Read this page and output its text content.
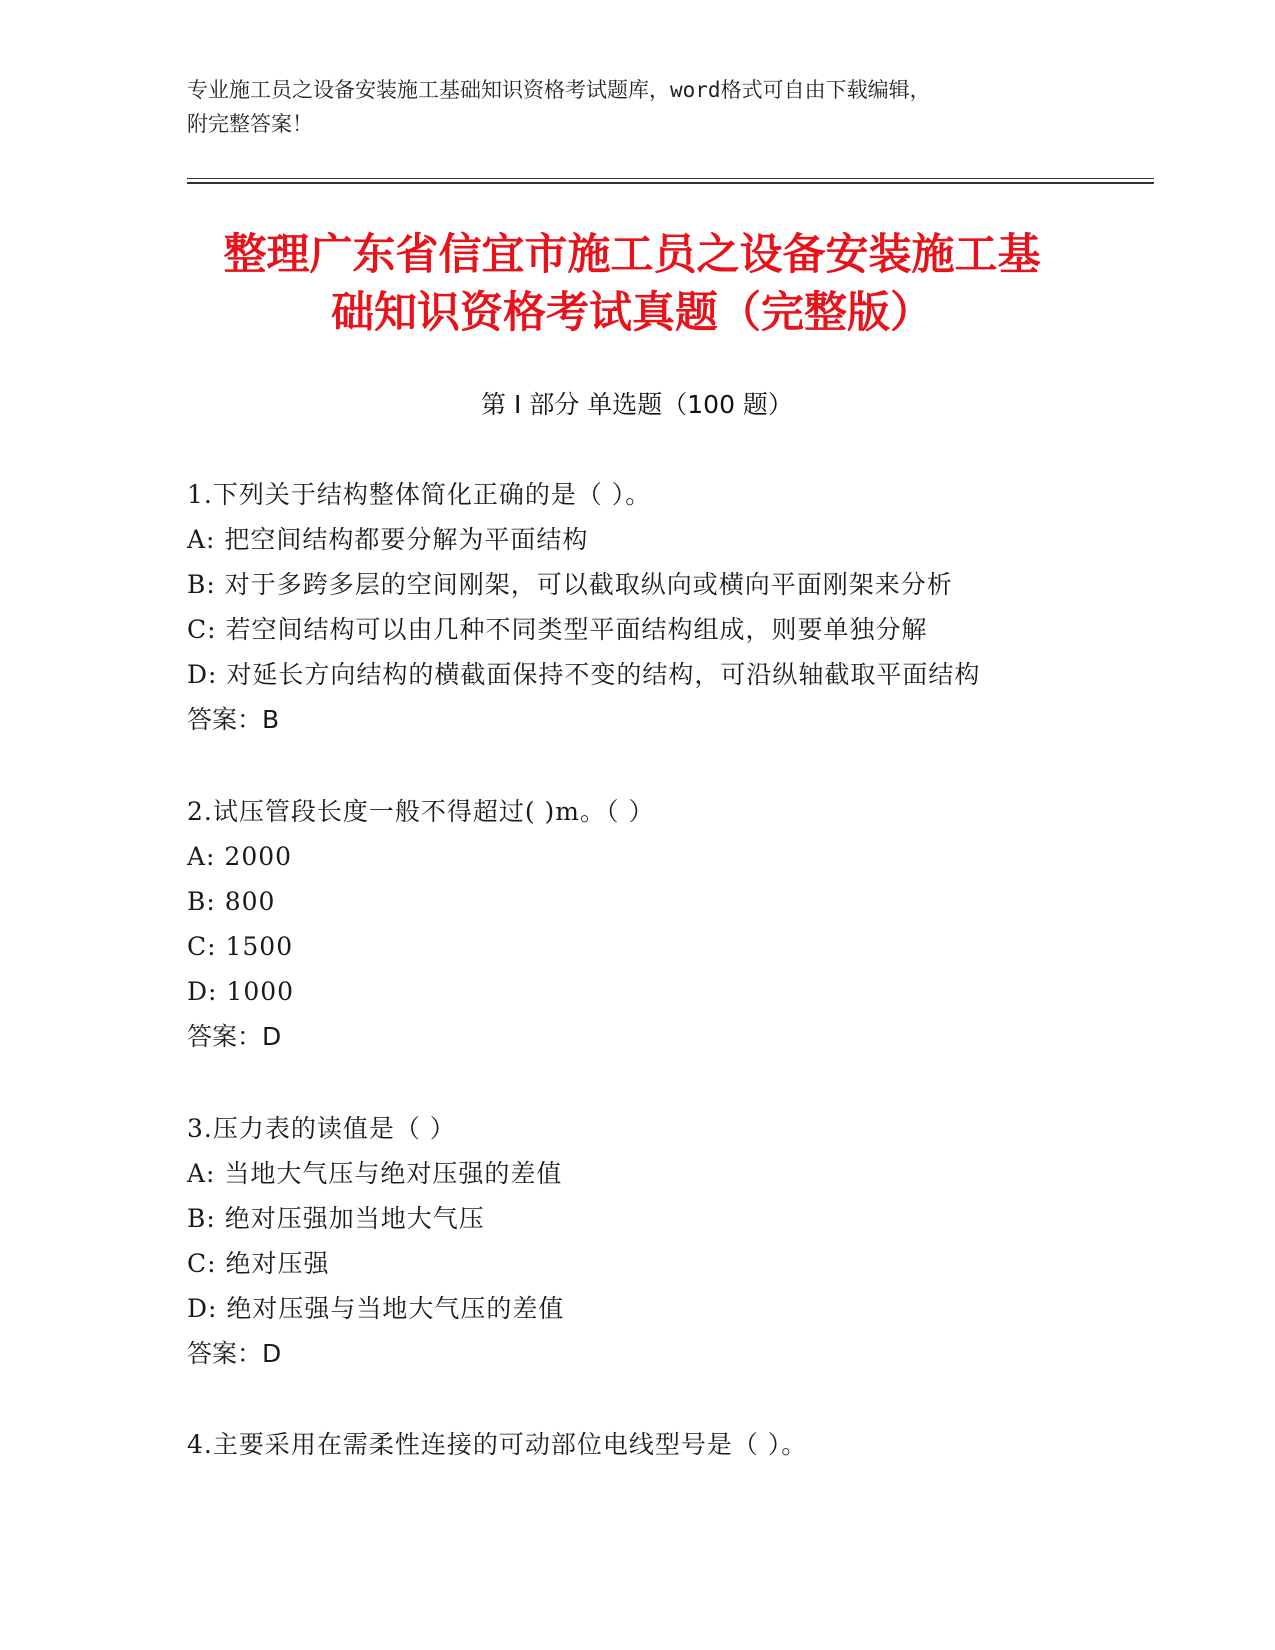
专业施工员之设备安装施工基础知识资格考试题库，word格式可自由下载编辑，
附完整答案！
整理广东省信宜市施工员之设备安装施工基
础知识资格考试真题（完整版）
第 I 部分 单选题（100 题）
1.下列关于结构整体简化正确的是（ ）。
A: 把空间结构都要分解为平面结构
B: 对于多跨多层的空间刚架，可以截取纵向或横向平面刚架来分析
C: 若空间结构可以由几种不同类型平面结构组成，则要单独分解
D: 对延长方向结构的横截面保持不变的结构，可沿纵轴截取平面结构
答案：B
2.试压管段长度一般不得超过( )m。（ ）
A: 2000
B: 800
C: 1500
D: 1000
答案：D
3.压力表的读值是（ ）
A: 当地大气压与绝对压强的差值
B: 绝对压强加当地大气压
C: 绝对压强
D: 绝对压强与当地大气压的差值
答案：D
4.主要采用在需柔性连接的可动部位电线型号是（ ）。
